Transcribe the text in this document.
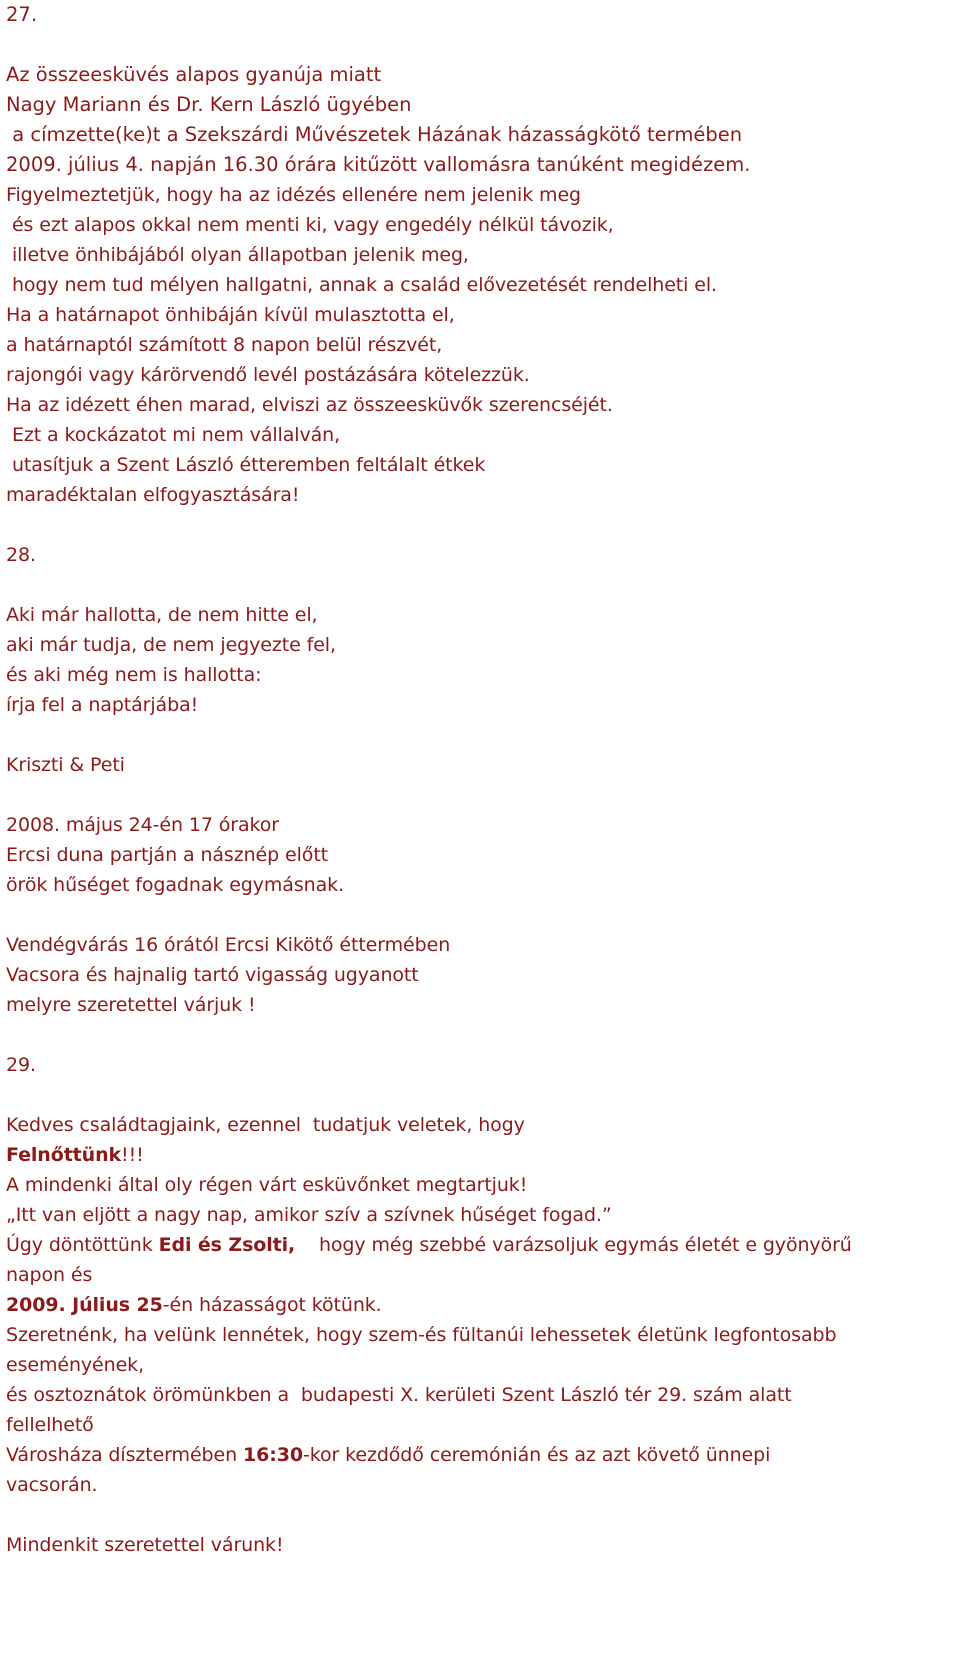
27.
Az összeesküvés alapos gyanúja miatt
Nagy Mariann és Dr. Kern László ügyében
a címzette(ke)t a Szekszárdi Művészetek Házának házasságkötő termében
2009. július 4. napján 16.30 órára kitűzött vallomásra tanúként megidézem.
Figyelmeztetjük, hogy ha az idézés ellenére nem jelenik meg
és ezt alapos okkal nem menti ki, vagy engedély nélkül távozik,
illetve önhibájából olyan állapotban jelenik meg,
hogy nem tud mélyen hallgatni, annak a család elővezetését rendelheti el.
Ha a határnapot önhibáján kívül mulasztotta el,
a határnaptól számított 8 napon belül részvét,
rajongói vagy kárörvendő levél postázására kötelezzük.
Ha az idézett éhen marad, elviszi az összeesküvők szerencséjét.
Ezt a kockázatot mi nem vállalván,
utasítjuk a Szent László étteremben feltálalt étkek
maradéktalan elfogyasztására!
28.
Aki már hallotta, de nem hitte el,
aki már tudja, de nem jegyezte fel,
és aki még nem is hallotta:
írja fel a naptárjába!
Kriszti & Peti
2008. május 24-én 17 órakor
Ercsi duna partján a násznép előtt
örök hűséget fogadnak egymásnak.
Vendégvárás 16 órától Ercsi Kikötő éttermében
Vacsora és hajnalig tartó vigasság ugyanott
melyre szeretettel várjuk !
29.
Kedves családtagjaink, ezennel  tudatjuk veletek, hogy
Felnőttünk!!!
A mindenki által oly régen várt esküvőnket megtartjuk!
„Itt van eljött a nagy nap, amikor szív a szívnek hűséget fogad.”
Úgy döntöttünk Edi és Zsolti,    hogy még szebbé varázsoljuk egymás életét e gyönyörű
napon és
2009. Július 25-én házasságot kötünk.
Szeretnénk, ha velünk lennétek, hogy szem-és fültanúi lehessetek életünk legfontosabb
eseményének,
és osztoznátok örömünkben a  budapesti X. kerületi Szent László tér 29. szám alatt
fellelhető
Városháza dísztermében 16:30-kor kezdődő ceremónián és az azt követő ünnepi
vacsorán.
Mindenkit szeretettel várunk!
